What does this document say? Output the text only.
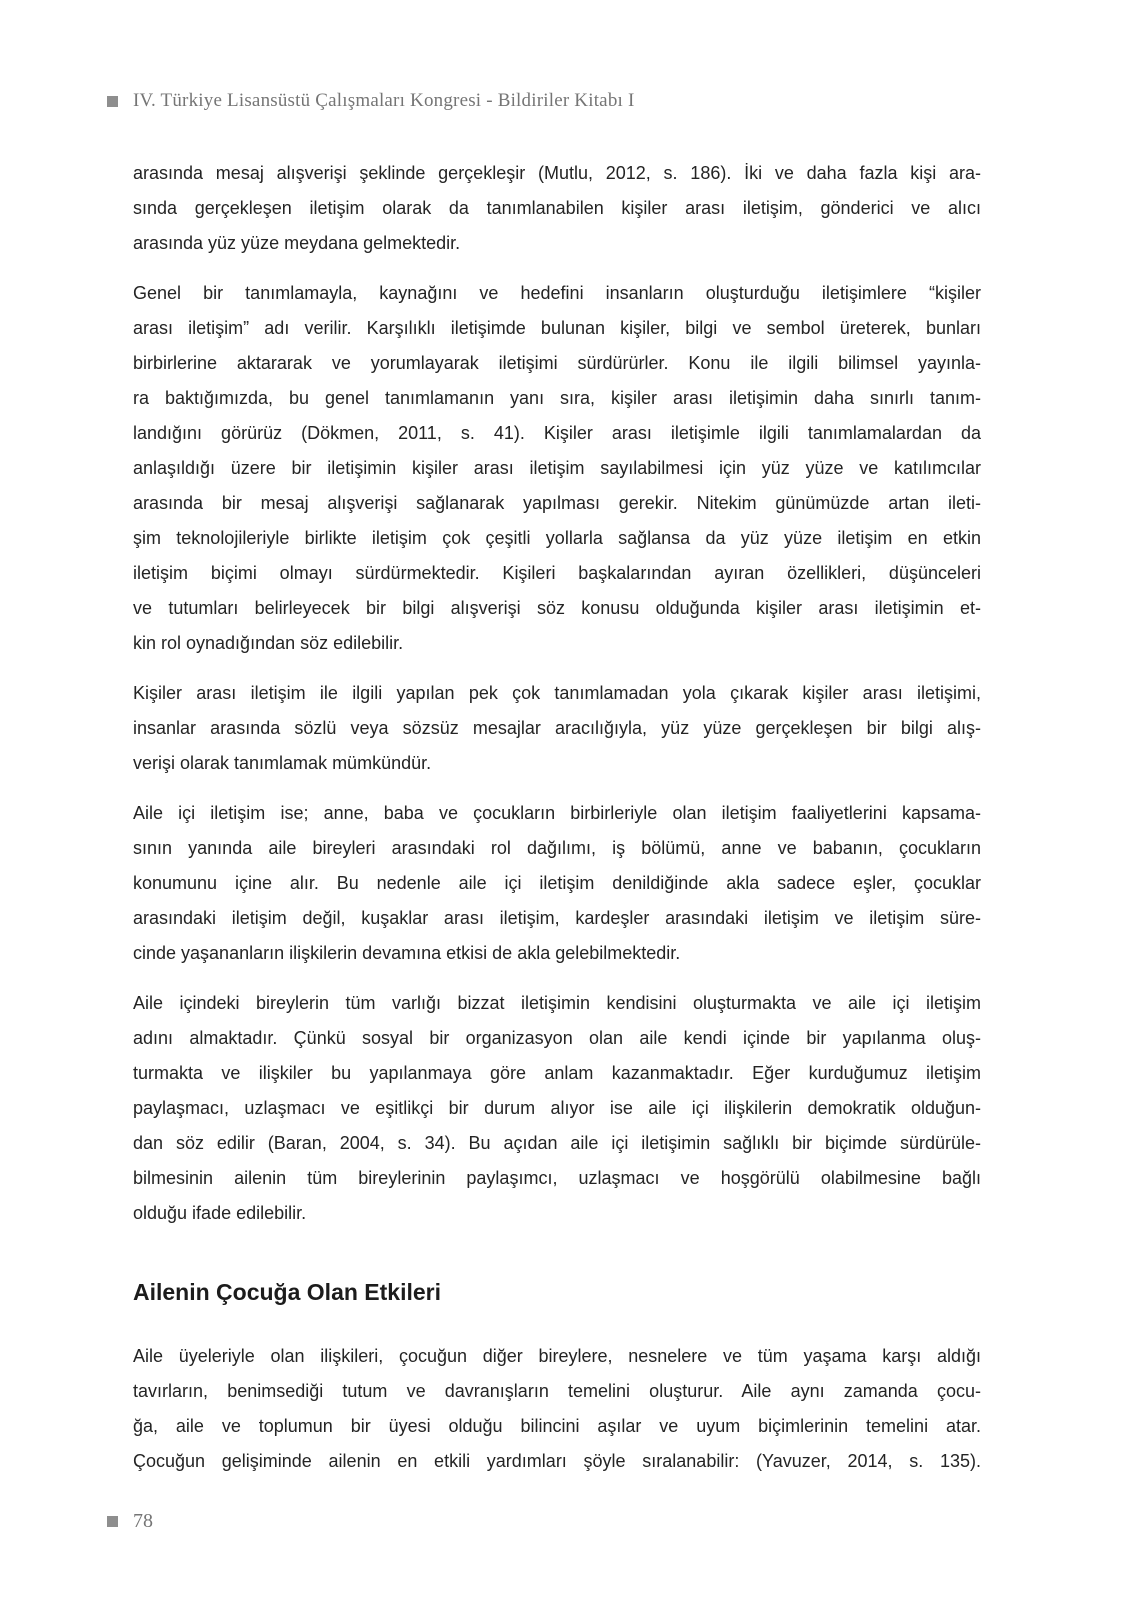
IV. Türkiye Lisansüstü Çalışmaları Kongresi - Bildiriler Kitabı I
arasında mesaj alışverişi şeklinde gerçekleşir (Mutlu, 2012, s. 186). İki ve daha fazla kişi ara-
sında gerçekleşen iletişim olarak da tanımlanabilen kişiler arası iletişim, gönderici ve alıcı
arasında yüz yüze meydana gelmektedir.
Genel bir tanımlamayla, kaynağını ve hedefini insanların oluşturduğu iletişimlere “kişiler
arası iletişim” adı verilir. Karşılıklı iletişimde bulunan kişiler, bilgi ve sembol üreterek, bunları
birbirlerine aktararak ve yorumlayarak iletişimi sürdürürler. Konu ile ilgili bilimsel yayınla-
ra baktığımızda, bu genel tanımlamanın yanı sıra, kişiler arası iletişimin daha sınırlı tanım-
landığını görürüz (Dökmen, 2011, s. 41). Kişiler arası iletişimle ilgili tanımlamalardan da
anlaşıldığı üzere bir iletişimin kişiler arası iletişim sayılabilmesi için yüz yüze ve katılımcılar
arasında bir mesaj alışverişi sağlanarak yapılması gerekir. Nitekim günümüzde artan ileti-
şim teknolojileriyle birlikte iletişim çok çeşitli yollarla sağlansa da yüz yüze iletişim en etkin
iletişim biçimi olmayı sürdürmektedir. Kişileri başkalarından ayıran özellikleri, düşünceleri
ve tutumları belirleyecek bir bilgi alışverişi söz konusu olduğunda kişiler arası iletişimin et-
kin rol oynadığından söz edilebilir.
Kişiler arası iletişim ile ilgili yapılan pek çok tanımlamadan yola çıkarak kişiler arası iletişimi,
insanlar arasında sözlü veya sözsüz mesajlar aracılığıyla, yüz yüze gerçekleşen bir bilgi alış-
verişi olarak tanımlamak mümkündür.
Aile içi iletişim ise; anne, baba ve çocukların birbirleriyle olan iletişim faaliyetlerini kapsama-
sının yanında aile bireyleri arasındaki rol dağılımı, iş bölümü, anne ve babanın, çocukların
konumunu içine alır. Bu nedenle aile içi iletişim denildiğinde akla sadece eşler, çocuklar
arasındaki iletişim değil, kuşaklar arası iletişim, kardeşler arasındaki iletişim ve iletişim süre-
cinde yaşananların ilişkilerin devamına etkisi de akla gelebilmektedir.
Aile içindeki bireylerin tüm varlığı bizzat iletişimin kendisini oluşturmakta ve aile içi iletişim
adını almaktadır. Çünkü sosyal bir organizasyon olan aile kendi içinde bir yapılanma oluş-
turmakta ve ilişkiler bu yapılanmaya göre anlam kazanmaktadır. Eğer kurduğumuz iletişim
paylaşmacı, uzlaşmacı ve eşitlikçi bir durum alıyor ise aile içi ilişkilerin demokratik olduğun-
dan söz edilir (Baran, 2004, s. 34). Bu açıdan aile içi iletişimin sağlıklı bir biçimde sürdürüle-
bilmesinin ailenin tüm bireylerinin paylaşımcı, uzlaşmacı ve hoşgörülü olabilmesine bağlı
olduğu ifade edilebilir.
Ailenin Çocuğa Olan Etkileri
Aile üyeleriyle olan ilişkileri, çocuğun diğer bireylere, nesnelere ve tüm yaşama karşı aldığı
tavırların, benimsediği tutum ve davranışların temelini oluşturur. Aile aynı zamanda çocu-
ğa, aile ve toplumun bir üyesi olduğu bilincini aşılar ve uyum biçimlerinin temelini atar.
Çocuğun gelişiminde ailenin en etkili yardımları şöyle sıralanabilir: (Yavuzer, 2014, s. 135).
78
